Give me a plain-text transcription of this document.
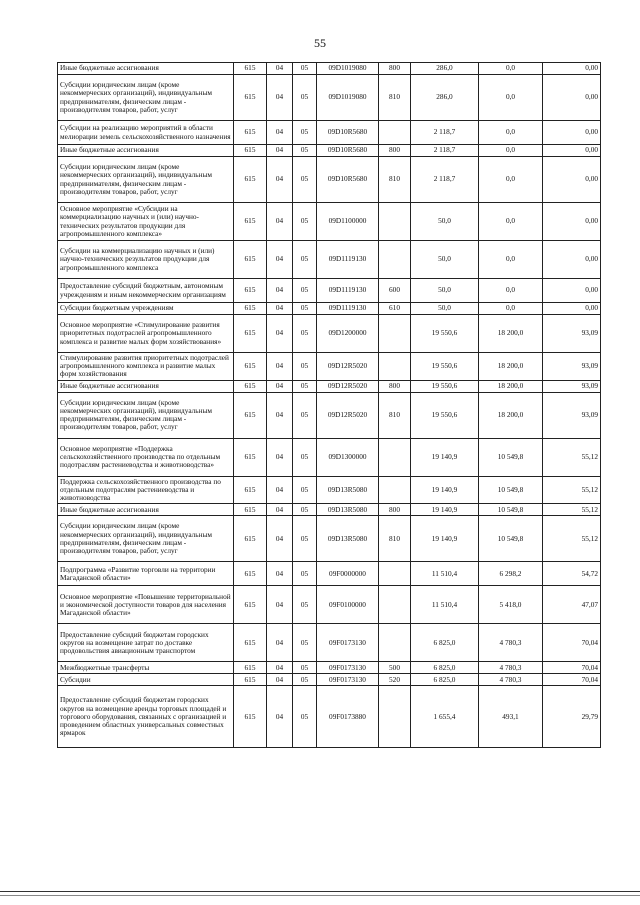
55
Иные бюджетные ассигнования	615	04	05	09D1019080	800	286,0	0,0	0,00
Субсидии юридическим лицам (кроме некоммерческих организаций), индивидуальным предпринимателям, физическим лицам - производителям товаров, работ, услуг	615	04	05	09D1019080	810	286,0	0,0	0,00
Субсидии на реализацию мероприятий в области мелиорации земель сельскохозяйственного назначения	615	04	05	09D10R5680		2 118,7	0,0	0,00
Иные бюджетные ассигнования	615	04	05	09D10R5680	800	2 118,7	0,0	0,00
Субсидии юридическим лицам (кроме некоммерческих организаций), индивидуальным предпринимателям, физическим лицам - производителям товаров, работ, услуг	615	04	05	09D10R5680	810	2 118,7	0,0	0,00
Основное мероприятие «Субсидии на коммерциализацию научных и (или) научно-технических результатов продукции для агропромышленного комплекса»	615	04	05	09D1100000		50,0	0,0	0,00
Субсидии на коммерциализацию научных и (или) научно-технических результатов продукции для агропромышленного комплекса	615	04	05	09D1119130		50,0	0,0	0,00
Предоставление субсидий бюджетным, автономным учреждениям и иным некоммерческим организациям	615	04	05	09D1119130	600	50,0	0,0	0,00
Субсидии бюджетным учреждениям	615	04	05	09D1119130	610	50,0	0,0	0,00
Основное мероприятие «Стимулирование развития приоритетных подотраслей агропромышленного комплекса и развитие малых форм хозяйствования»	615	04	05	09D1200000		19 550,6	18 200,0	93,09
Стимулирование развития приоритетных подотраслей агропромышленного комплекса и развитие малых форм хозяйствования	615	04	05	09D12R5020		19 550,6	18 200,0	93,09
Иные бюджетные ассигнования	615	04	05	09D12R5020	800	19 550,6	18 200,0	93,09
Субсидии юридическим лицам (кроме некоммерческих организаций), индивидуальным предпринимателям, физическим лицам - производителям товаров, работ, услуг	615	04	05	09D12R5020	810	19 550,6	18 200,0	93,09
Основное мероприятие «Поддержка сельскохозяйственного производства по отдельным подотраслям растениеводства и животноводства»	615	04	05	09D1300000		19 140,9	10 549,8	55,12
Поддержка сельскохозяйственного производства по отдельным подотраслям растениеводства и животноводства	615	04	05	09D13R5080		19 140,9	10 549,8	55,12
Иные бюджетные ассигнования	615	04	05	09D13R5080	800	19 140,9	10 549,8	55,12
Субсидии юридическим лицам (кроме некоммерческих организаций), индивидуальным предпринимателям, физическим лицам - производителям товаров, работ, услуг	615	04	05	09D13R5080	810	19 140,9	10 549,8	55,12
Подпрограмма «Развитие торговли на территории Магаданской области»	615	04	05	09F0000000		11 510,4	6 298,2	54,72
Основное мероприятие «Повышение территориальной и экономической доступности товаров для населения Магаданской области»	615	04	05	09F0100000		11 510,4	5 418,0	47,07
Предоставление субсидий бюджетам городских округов на возмещение затрат по доставке продовольствия авиационным транспортом	615	04	05	09F0173130		6 825,0	4 780,3	70,04
Межбюджетные трансферты	615	04	05	09F0173130	500	6 825,0	4 780,3	70,04
Субсидии	615	04	05	09F0173130	520	6 825,0	4 780,3	70,04
Предоставление субсидий бюджетам городских округов на возмещение аренды торговых площадей и торгового оборудования, связанных с организацией и проведением областных универсальных совместных ярмарок	615	04	05	09F0173880		1 655,4	493,1	29,79
